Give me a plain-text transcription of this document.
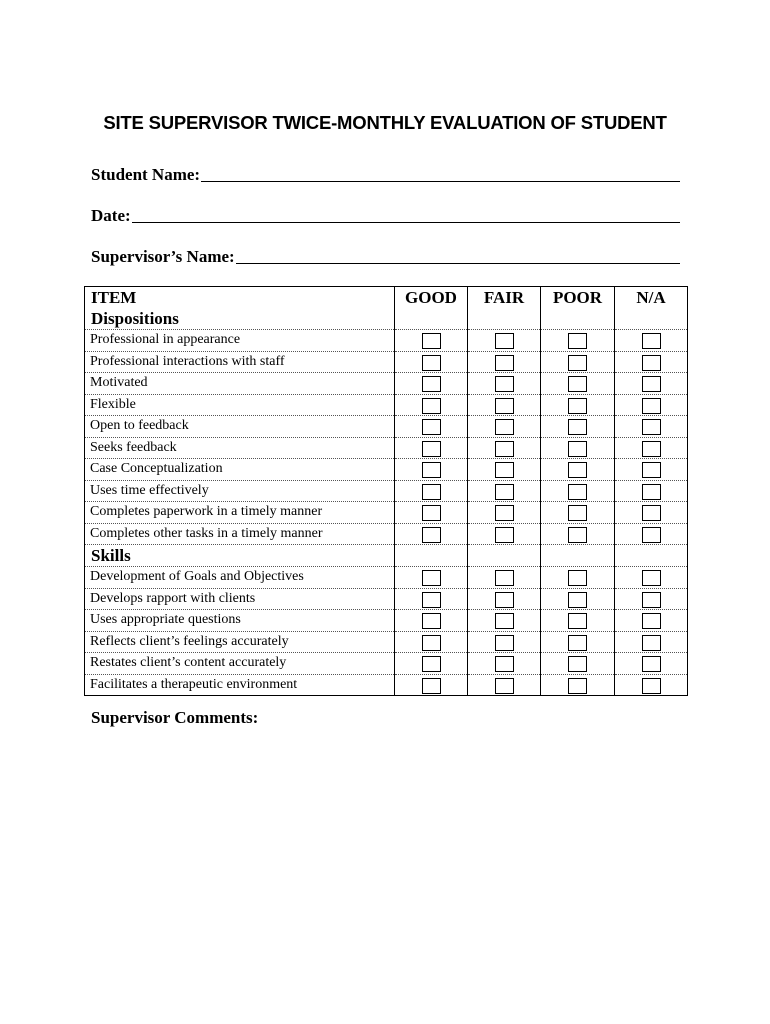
SITE SUPERVISOR TWICE-MONTHLY EVALUATION OF STUDENT
Student Name:
Date:
Supervisor’s Name:
ITEM	GOOD	FAIR	POOR	N/A
Dispositions				
Professional in appearance	

Professional interactions with staff	

Motivated	

Flexible	

Open to feedback	

Seeks feedback	

Case Conceptualization	

Uses time effectively	

Completes paperwork in a timely manner	

Completes other tasks in a timely manner	

Skills				
Development of Goals and Objectives	

Develops rapport with clients	

Uses appropriate questions	

Reflects client’s feelings accurately	

Restates client’s content accurately	

Facilitates a therapeutic environment	

Supervisor Comments:
